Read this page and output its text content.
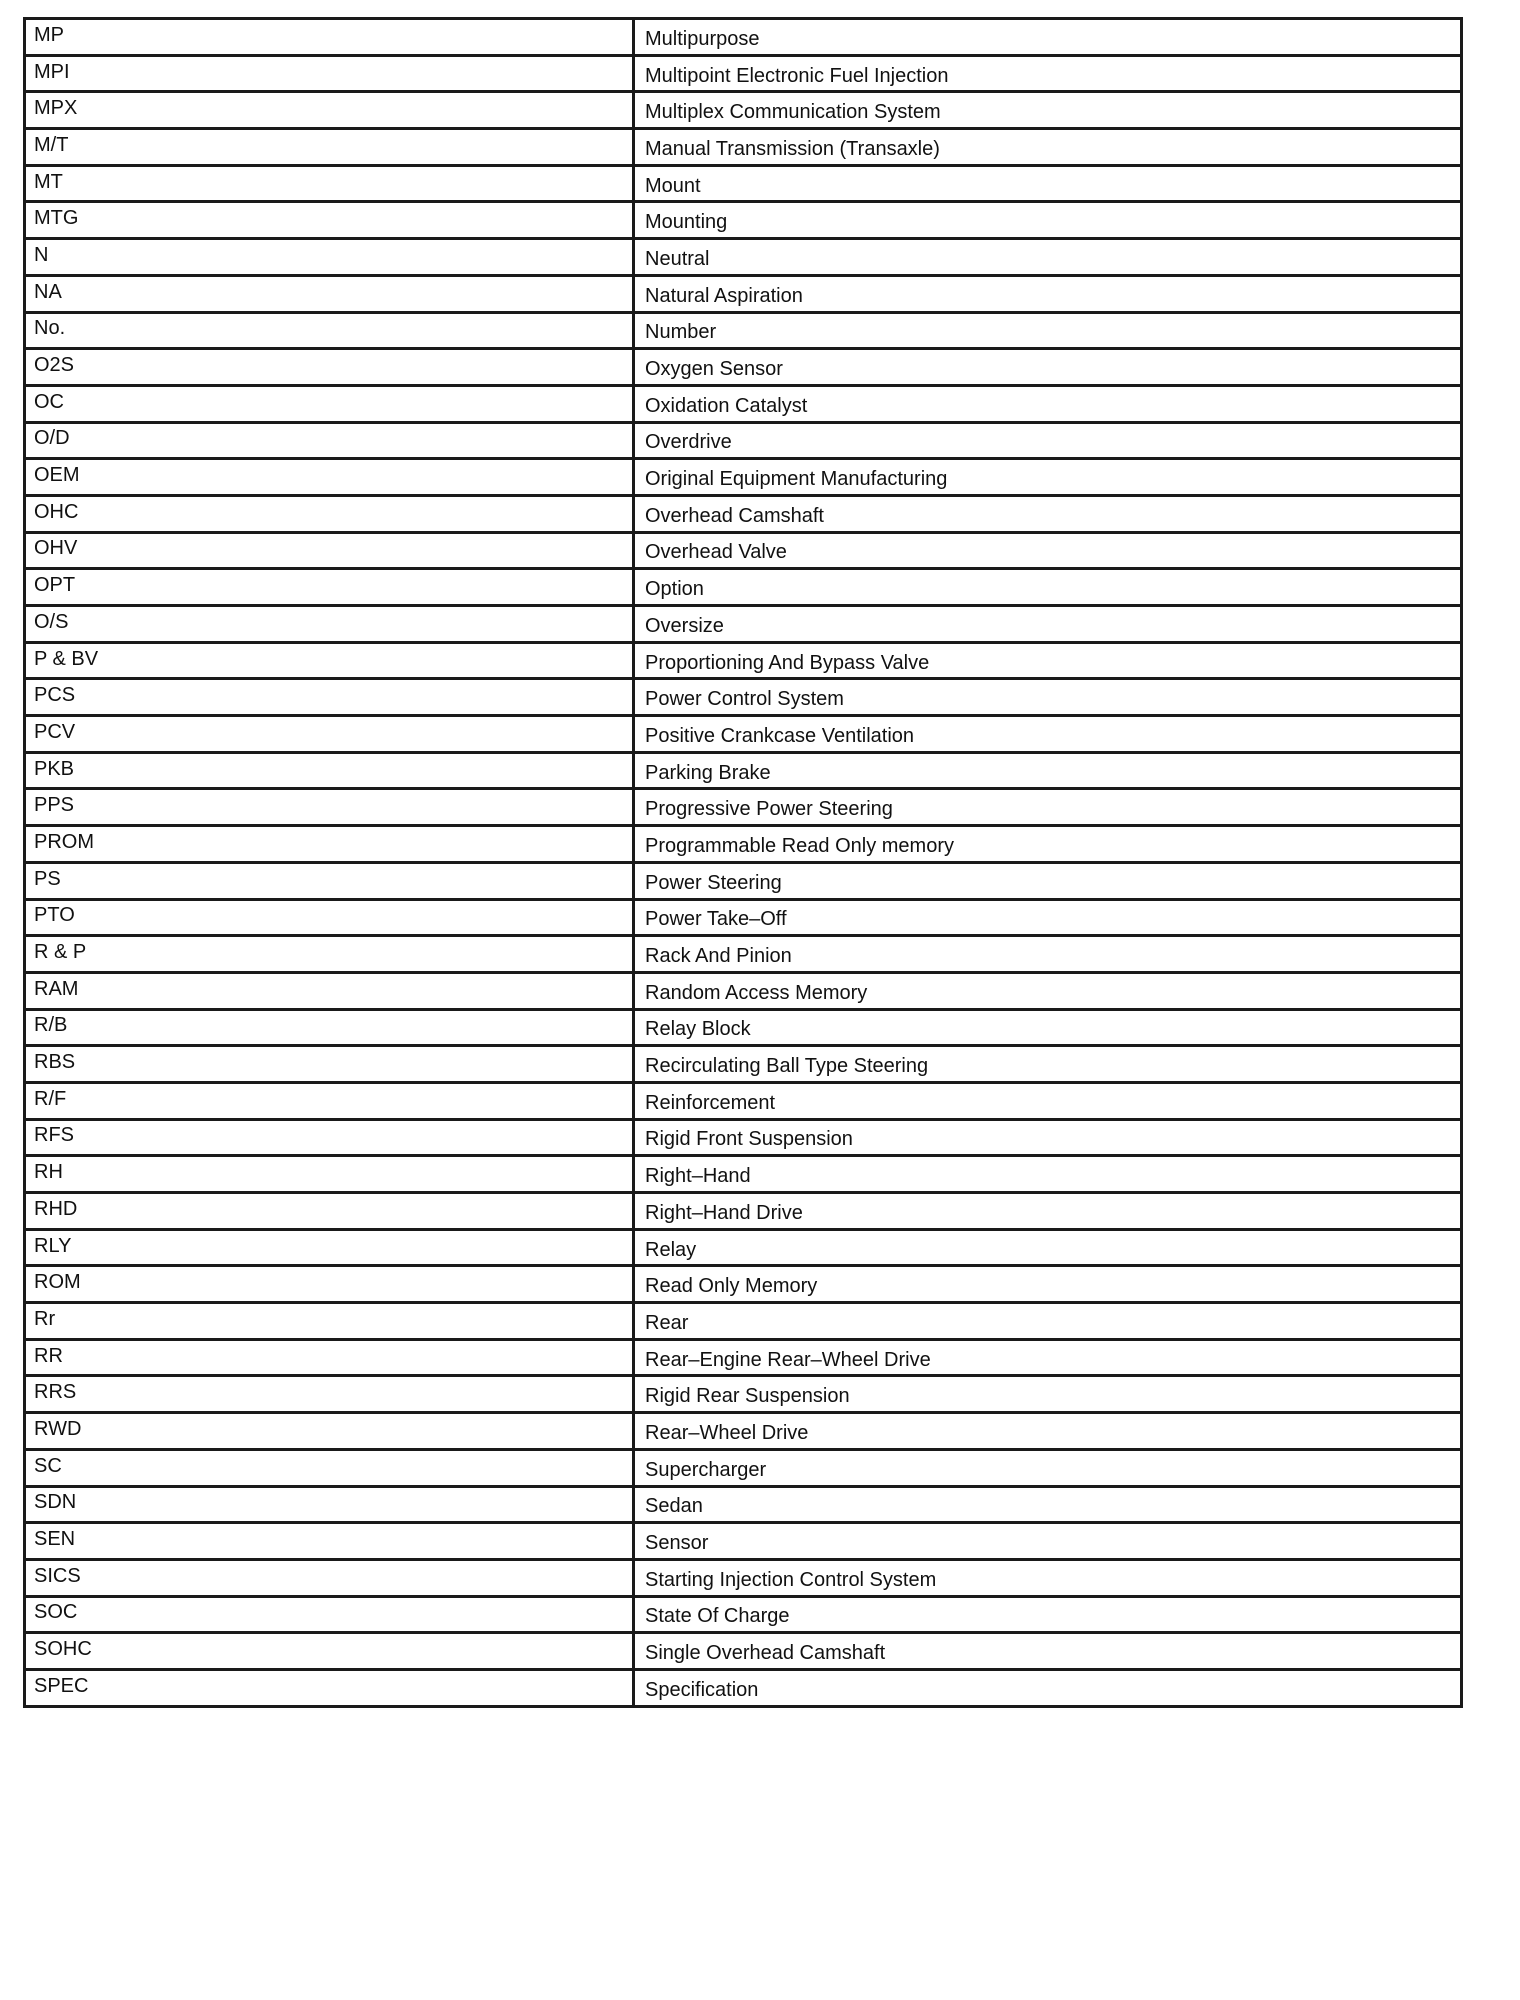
MP	Multipurpose
MPI	Multipoint Electronic Fuel Injection
MPX	Multiplex Communication System
M/T	Manual Transmission (Transaxle)
MT	Mount
MTG	Mounting
N	Neutral
NA	Natural Aspiration
No.	Number
O2S	Oxygen Sensor
OC	Oxidation Catalyst
O/D	Overdrive
OEM	Original Equipment Manufacturing
OHC	Overhead Camshaft
OHV	Overhead Valve
OPT	Option
O/S	Oversize
P & BV	Proportioning And Bypass Valve
PCS	Power Control System
PCV	Positive Crankcase Ventilation
PKB	Parking Brake
PPS	Progressive Power Steering
PROM	Programmable Read Only memory
PS	Power Steering
PTO	Power Take–Off
R & P	Rack And Pinion
RAM	Random Access Memory
R/B	Relay Block
RBS	Recirculating Ball Type Steering
R/F	Reinforcement
RFS	Rigid Front Suspension
RH	Right–Hand
RHD	Right–Hand Drive
RLY	Relay
ROM	Read Only Memory
Rr	Rear
RR	Rear–Engine Rear–Wheel Drive
RRS	Rigid Rear Suspension
RWD	Rear–Wheel Drive
SC	Supercharger
SDN	Sedan
SEN	Sensor
SICS	Starting Injection Control System
SOC	State Of Charge
SOHC	Single Overhead Camshaft
SPEC	Specification
